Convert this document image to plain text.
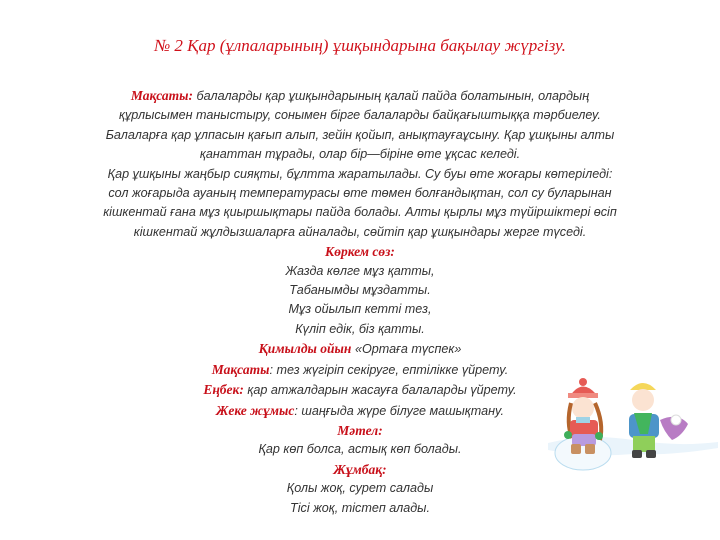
№ 2 Қар (ұлпаларының) ұшқындарына бақылау жүргізу.
Мақсаты: балаларды қар ұшқындарының қалай пайда болатынын, олардың
құрлысымен таныстыру, сонымен бірге балаларды байқағыштыққа тәрбиелеу.
Балаларға қар ұлпасын қағып алып, зейін қойып, анықтауғаұсыну. Қар ұшқыны алты
қанаттан тұрады, олар бір—біріне өте ұқсас келеді.
Қар ұшқыны жаңбыр сияқты, бұлтта жаратылады. Су буы өте жоғары көтеріледі:
сол жоғарыда ауаның температурасы өте төмен болғандықтан, сол су буларынан
кішкентай ғана мұз қиыршықтары пайда болады. Алты қырлы мұз түйіршіктері өсіп
кішкентай жұлдызшаларға айналады, сөйтіп қар ұшқындары жерге түседі.
Көркем сөз:
Жазда көлге мұз қатты,
Табанымды мұздатты.
Мұз ойылып кетті тез,
Күліп едік, біз қатты.
Қимылды ойын «Ортаға түспек»
Мақсаты: тез жүгіріп секіруге, ептілікке үйрету.
Еңбек: қар атжалдарын жасауға балаларды үйрету.
Жеке жұмыс: шаңғыда жүре білуге машықтану.
Мәтел:
Қар көп болса, астық көп болады.
Жұмбақ:
Қолы жоқ, сурет салады
Тісі жоқ, тістеп алады.
